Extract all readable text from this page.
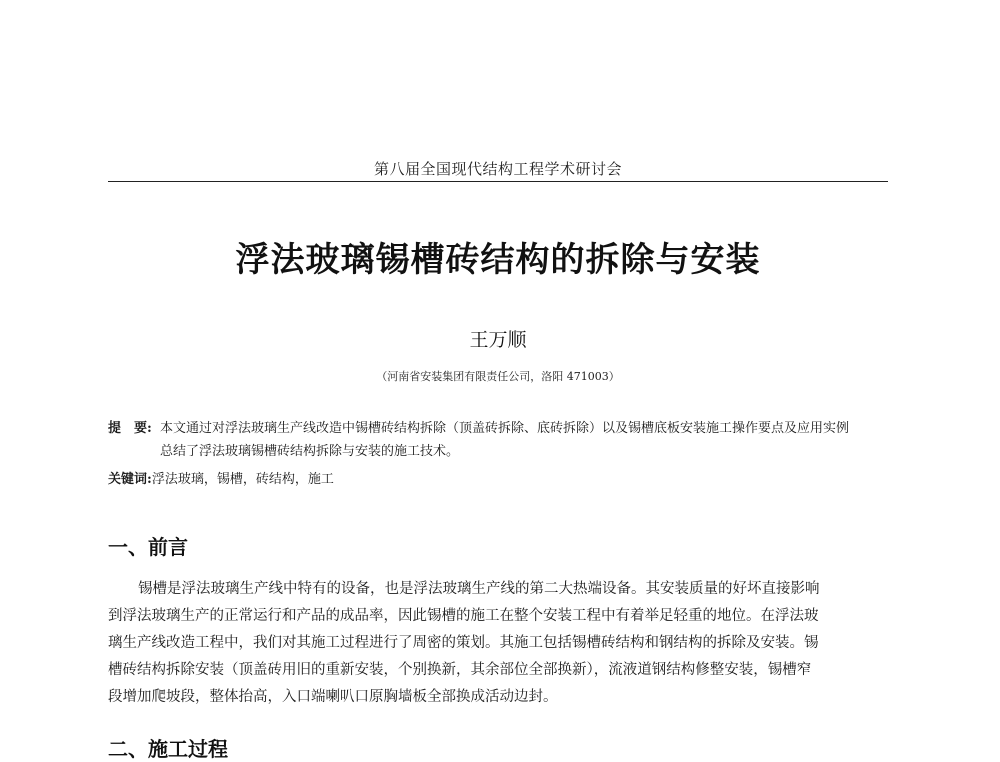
第八届全国现代结构工程学术研讨会
浮法玻璃锡槽砖结构的拆除与安装
王万顺
（河南省安装集团有限责任公司，洛阳 471003）
提　要: 本文通过对浮法玻璃生产线改造中锡槽砖结构拆除（顶盖砖拆除、底砖拆除）以及锡槽底板安装施工操作要点及应用实例
总结了浮法玻璃锡槽砖结构拆除与安装的施工技术。
关键词:浮法玻璃，锡槽，砖结构，施工
一、前言
锡槽是浮法玻璃生产线中特有的设备，也是浮法玻璃生产线的第二大热端设备。其安装质量的好坏直接影响
到浮法玻璃生产的正常运行和产品的成品率，因此锡槽的施工在整个安装工程中有着举足轻重的地位。在浮法玻
璃生产线改造工程中，我们对其施工过程进行了周密的策划。其施工包括锡槽砖结构和钢结构的拆除及安装。锡
槽砖结构拆除安装（顶盖砖用旧的重新安装，个别换新，其余部位全部换新），流液道钢结构修整安装，锡槽窄
段增加爬坡段，整体抬高，入口端喇叭口原胸墙板全部换成活动边封。
二、施工过程
